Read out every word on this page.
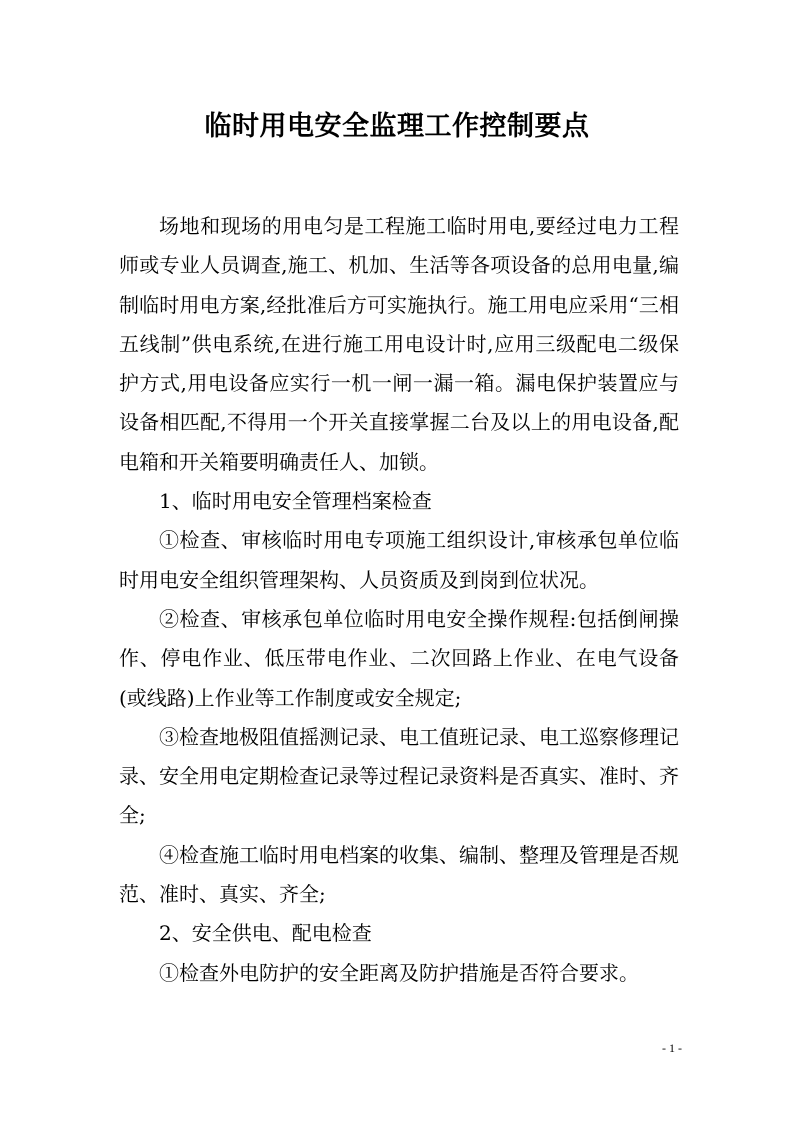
临时用电安全监理工作控制要点

场地和现场的用电匀是工程施工临时用电,要经过电力工程师或专业人员调查,施工、机加、生活等各项设备的总用电量,编制临时用电方案,经批准后方可实施执行。施工用电应采用“三相五线制”供电系统,在进行施工用电设计时,应用三级配电二级保护方式,用电设备应实行一机一闸一漏一箱。漏电保护装置应与设备相匹配,不得用一个开关直接掌握二台及以上的用电设备,配电箱和开关箱要明确责任人、加锁。

1、临时用电安全管理档案检查

①检查、审核临时用电专项施工组织设计,审核承包单位临时用电安全组织管理架构、人员资质及到岗到位状况。

②检查、审核承包单位临时用电安全操作规程:包括倒闸操作、停电作业、低压带电作业、二次回路上作业、在电气设备(或线路)上作业等工作制度或安全规定;

③检查地极阻值摇测记录、电工值班记录、电工巡察修理记录、安全用电定期检查记录等过程记录资料是否真实、准时、齐全;

④检查施工临时用电档案的收集、编制、整理及管理是否规范、准时、真实、齐全;

2、安全供电、配电检查

①检查外电防护的安全距离及防护措施是否符合要求。

- 1 -
